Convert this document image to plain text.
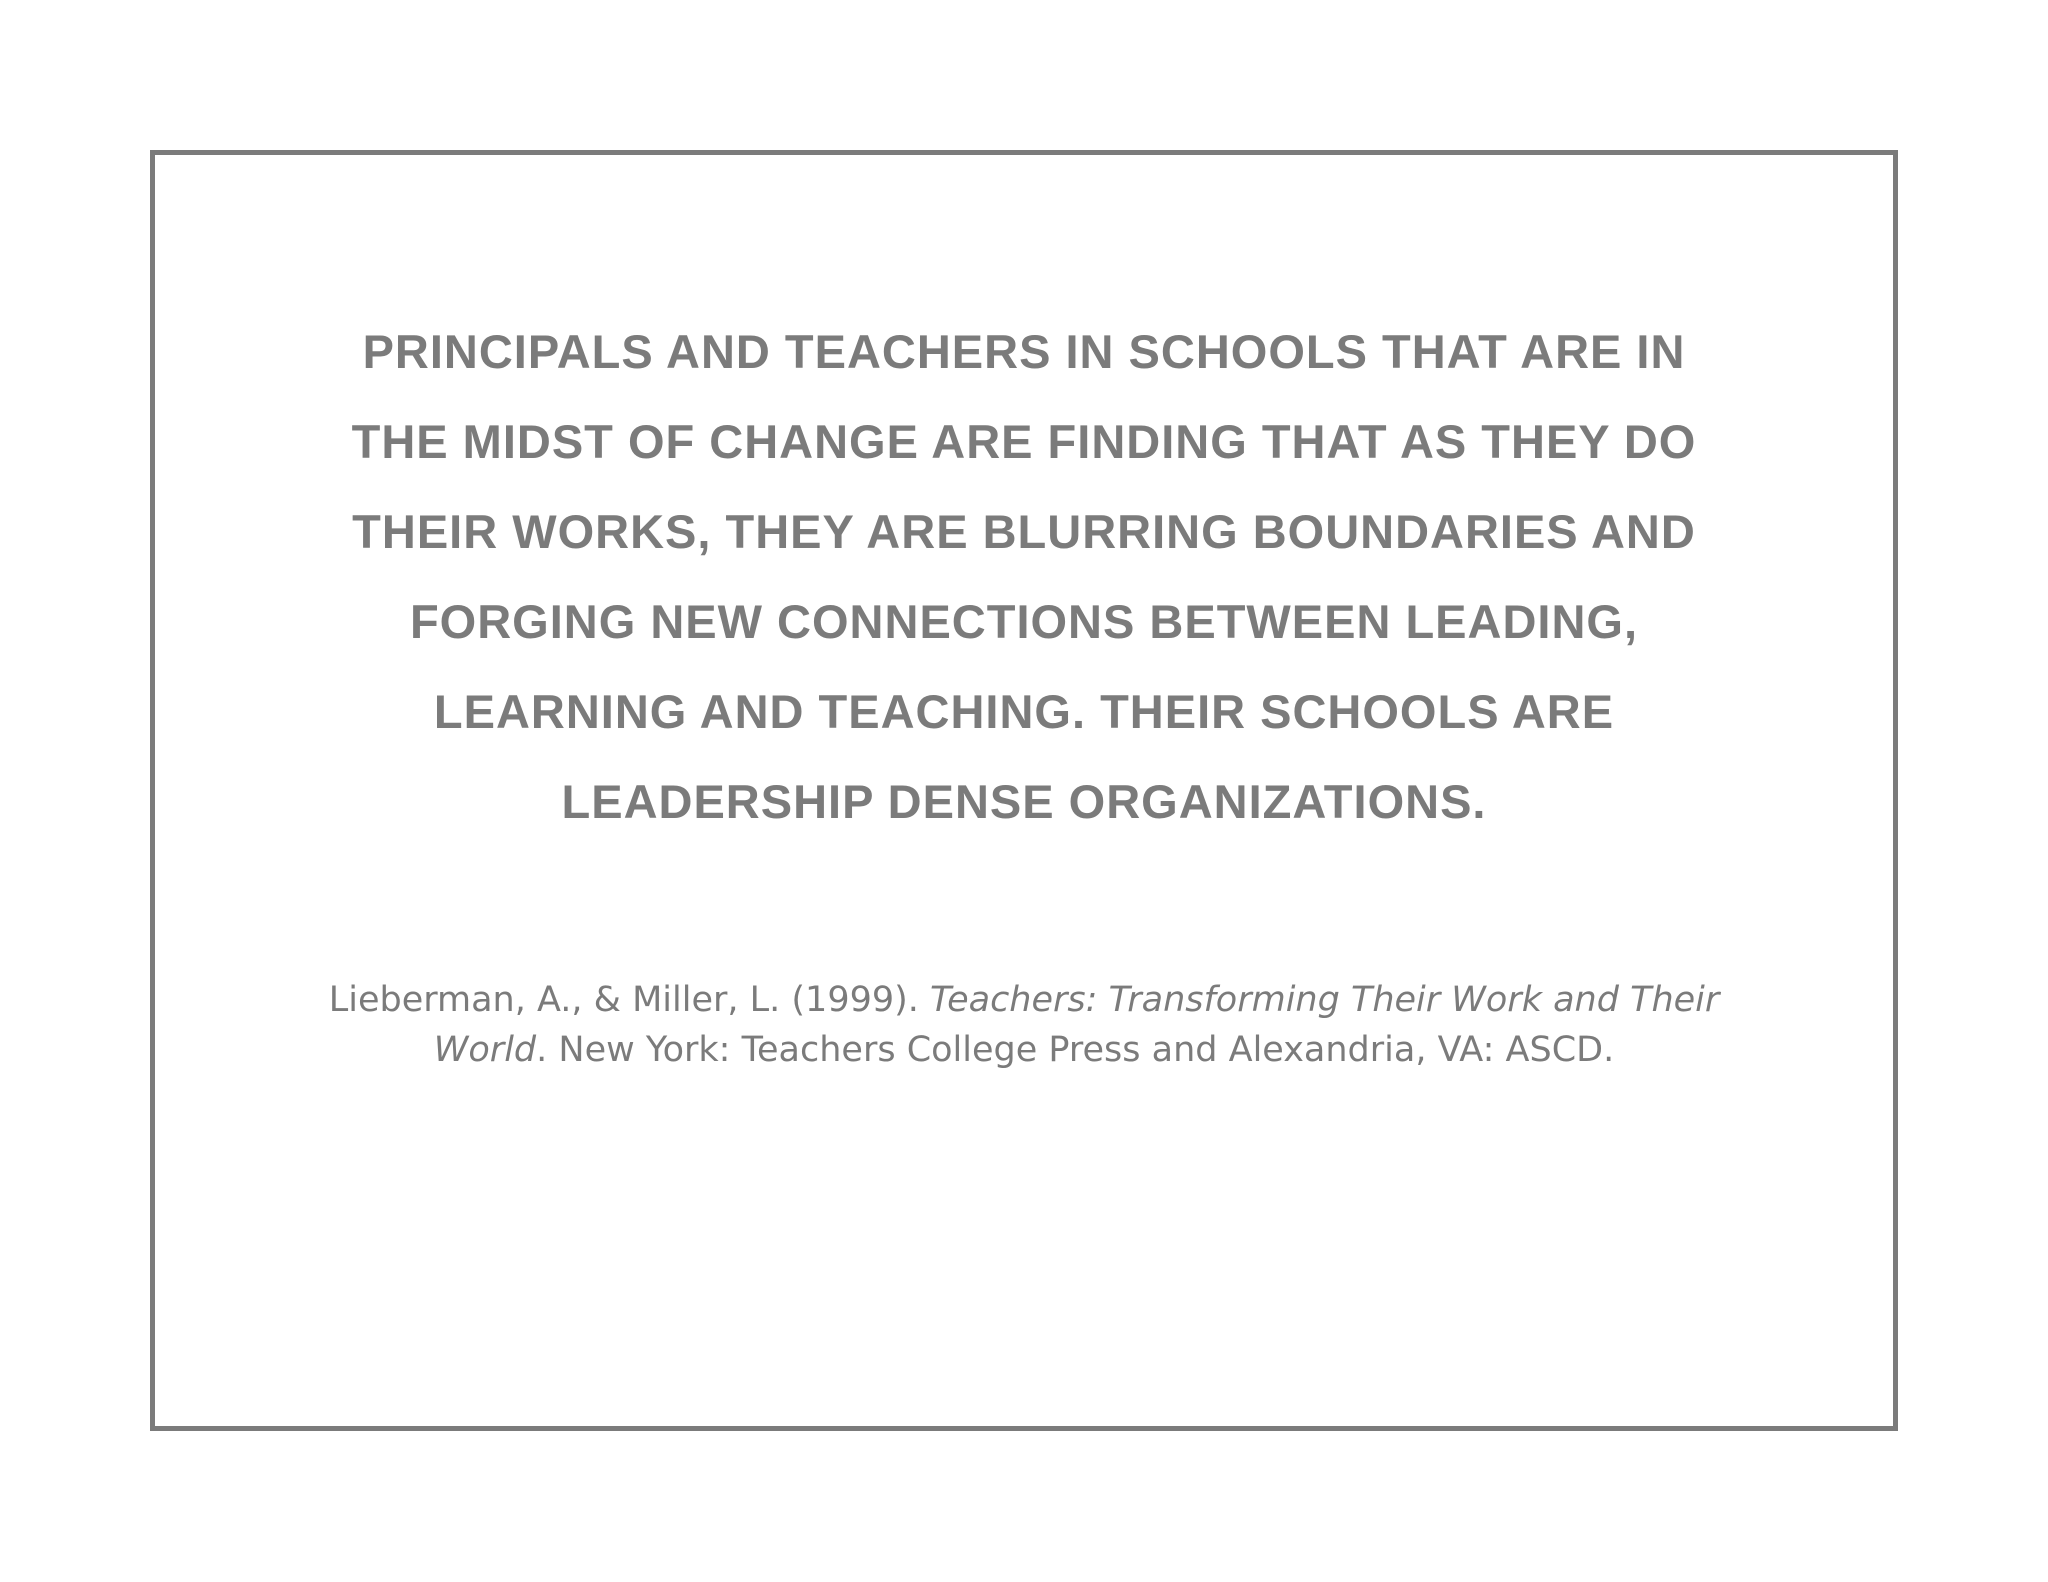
PRINCIPALS AND TEACHERS IN SCHOOLS THAT ARE IN
THE MIDST OF CHANGE ARE FINDING THAT AS THEY DO
THEIR WORKS, THEY ARE BLURRING BOUNDARIES AND
FORGING NEW CONNECTIONS BETWEEN LEADING,
LEARNING AND TEACHING. THEIR SCHOOLS ARE
LEADERSHIP DENSE ORGANIZATIONS.

Lieberman, A., & Miller, L. (1999). Teachers: Transforming Their Work and Their
World. New York: Teachers College Press and Alexandria, VA: ASCD.
